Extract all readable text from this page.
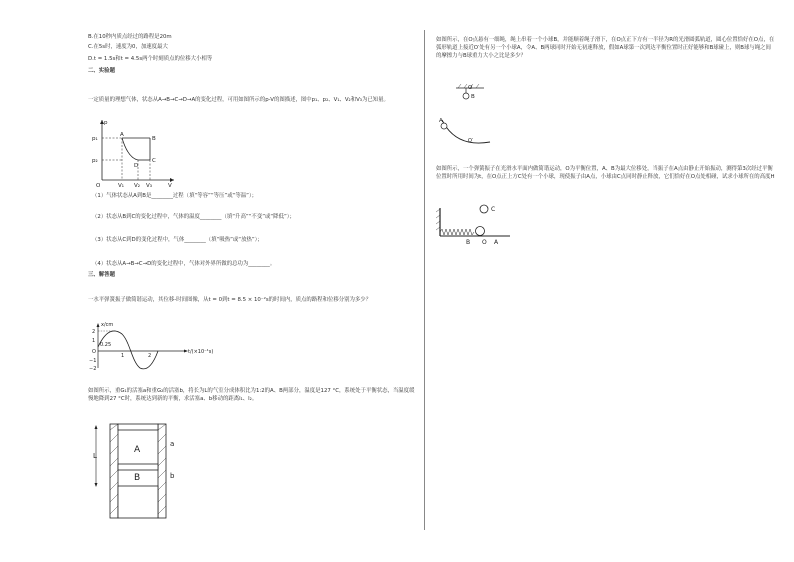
B.在10秒内质点经过的路程是20m
C.在5s时，速度为0，加速度最大
D.t = 1.5s和t = 4.5s两个时刻质点的位移大小相等
二、实验题
一定质量的理想气体，状态从A→B→C→D→A的变化过程，可用如图所示的p-V的图描述，图中p₁、p₂、V₁、V₂和V₃为已知量。
p
p₁
p₂
O	V₁ V₂ V₃	V
A
B
C
D
（1）气体状态从A到B是________过程（填“等容”“等压”或“等温”）；
（2）状态从B到C的变化过程中，气体的温度________（填“升高”“不变”或“降低”）；
（3）状态从C到D的变化过程中，气体________（填“吸热”或“放热”）；
（4）状态从A→B→C→D的变化过程中，气体对外界所做的总功为________。
三、解答题
一水平弹簧振子做简谐运动，其位移-时间图像，从t = 0到t = 8.5 × 10⁻²s的时间内，质点的路程和位移分别为多少？
x/cm
2
1
0.25
O
−1
−2
1	2
t/(×10⁻¹s)
如图所示，重G₁的活塞a和重G₂的活塞b，将长为L的气室分成体积比为1:2的A、B两部分，温度是127 °C，系统处于平衡状态，当温度缓慢地降到27 °C时，系统达到新的平衡，求活塞a、b移动的距离l₁、l₂。
L
A
B
a
b
如图所示，在O点悬有一细绳，绳上串着一个小球B，并能顺着绳子滑下，在O点正下方有一半径为R的光滑圆弧轨道，圆心位置恰好在O点，在弧形轨道上接近O′处有另一个小球A，令A、B两球同时开始无初速释放，假如A球第一次到达平衡位置时正好能够和B球碰上，则B球与绳之间的摩擦力与B球重力大小之比是多少？
O
B
A
O′
如图所示，一个弹簧振子在光滑水平面内做简谐运动，O为平衡位置，A、B为最大位移处，当振子在A点由静止开始振动，测得第3次经过平衡位置时所用时间为t，在O点正上方C处有一个小球，现使振子由A点，小球由C点同时静止释放，它们恰好在O点处相碰，试求小球所在的高度H
C
B O A
